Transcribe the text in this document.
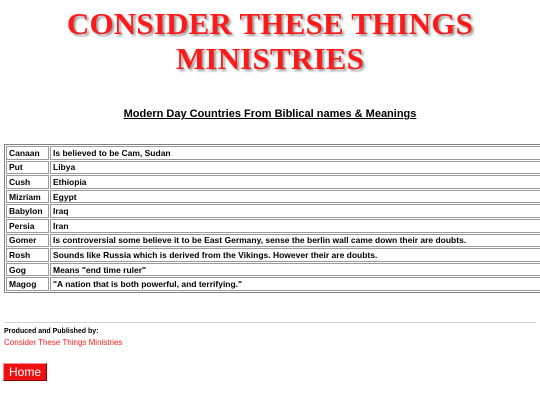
CONSIDER THESE THINGS
MINISTRIES
Modern Day Countries From Biblical names & Meanings
Canaan	Is believed to be Cam, Sudan
Put	Libya
Cush	Ethiopia
Mizriam	Egypt
Babylon	Iraq
Persia	Iran
Gomer	Is controversial some believe it to be East Germany, sense the berlin wall came down their are doubts.
Rosh	Sounds like Russia which is derived from the Vikings. However their are doubts.
Gog	Means "end time ruler"
Magog	"A nation that is both powerful, and terrifying."
Produced and Published by:
Consider These Things Ministries
Home
